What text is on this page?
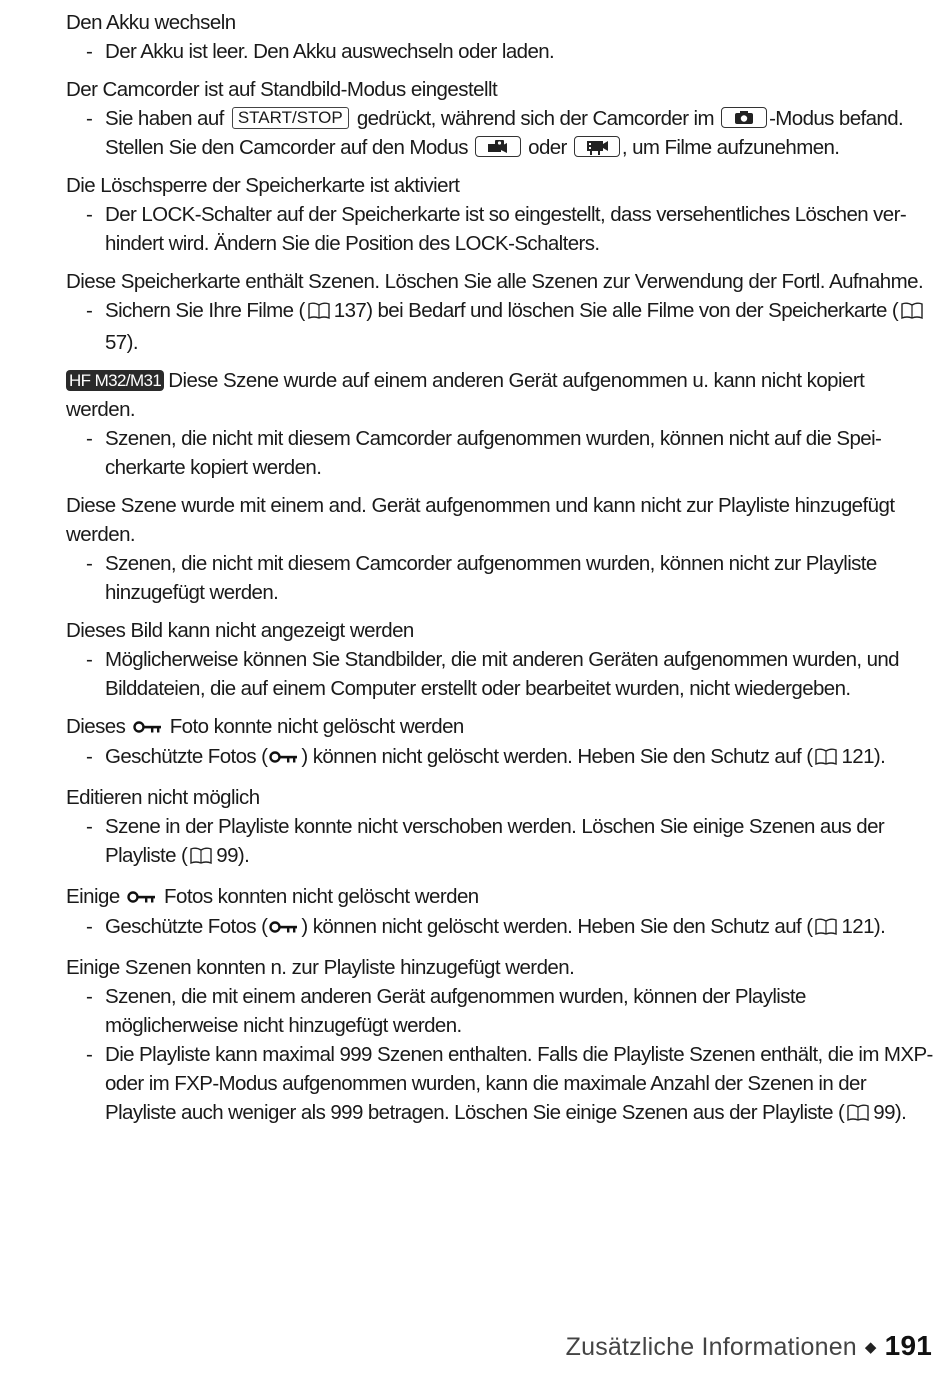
Den Akku wechseln
- Der Akku ist leer. Den Akku auswechseln oder laden.
Der Camcorder ist auf Standbild-Modus eingestellt
- Sie haben auf START/STOP gedrückt, während sich der Camcorder im	-Modus befand. Stellen Sie den Camcorder auf den Modus	oder	, um Filme aufzunehmen.
Die Löschsperre der Speicherkarte ist aktiviert
- Der LOCK-Schalter auf der Speicherkarte ist so eingestellt, dass versehentliches Löschen ver-hindert wird. Ändern Sie die Position des LOCK-Schalters.
Diese Speicherkarte enthält Szenen. Löschen Sie alle Szenen zur Verwendung der Fortl. Aufnahme.
- Sichern Sie Ihre Filme ( 137) bei Bedarf und löschen Sie alle Filme von der Speicherkarte (57).
HF M32/M31 Diese Szene wurde auf einem anderen Gerät aufgenommen u. kann nicht kopiert werden.
- Szenen, die nicht mit diesem Camcorder aufgenommen wurden, können nicht auf die Spei-cherkarte kopiert werden.
Diese Szene wurde mit einem and. Gerät aufgenommen und kann nicht zur Playliste hinzugefügt werden.
- Szenen, die nicht mit diesem Camcorder aufgenommen wurden, können nicht zur Playliste hinzugefügt werden.
Dieses Bild kann nicht angezeigt werden
- Möglicherweise können Sie Standbilder, die mit anderen Geräten aufgenommen wurden, und Bilddateien, die auf einem Computer erstellt oder bearbeitet wurden, nicht wiedergeben.
Dieses Foto konnte nicht gelöscht werden
- Geschützte Fotos ( ) können nicht gelöscht werden. Heben Sie den Schutz auf ( 121).
Editieren nicht möglich
- Szene in der Playliste konnte nicht verschoben werden. Löschen Sie einige Szenen aus der Playliste ( 99).
Einige Fotos konnten nicht gelöscht werden
- Geschützte Fotos ( ) können nicht gelöscht werden. Heben Sie den Schutz auf ( 121).
Einige Szenen konnten n. zur Playliste hinzugefügt werden.
- Szenen, die mit einem anderen Gerät aufgenommen wurden, können der Playliste möglicherweise nicht hinzugefügt werden.
- Die Playliste kann maximal 999 Szenen enthalten. Falls die Playliste Szenen enthält, die im MXP- oder im FXP-Modus aufgenommen wurden, kann die maximale Anzahl der Szenen in der Playliste auch weniger als 999 betragen. Löschen Sie einige Szenen aus der Playliste ( 99).
Zusätzliche Informationen ◆ 191
